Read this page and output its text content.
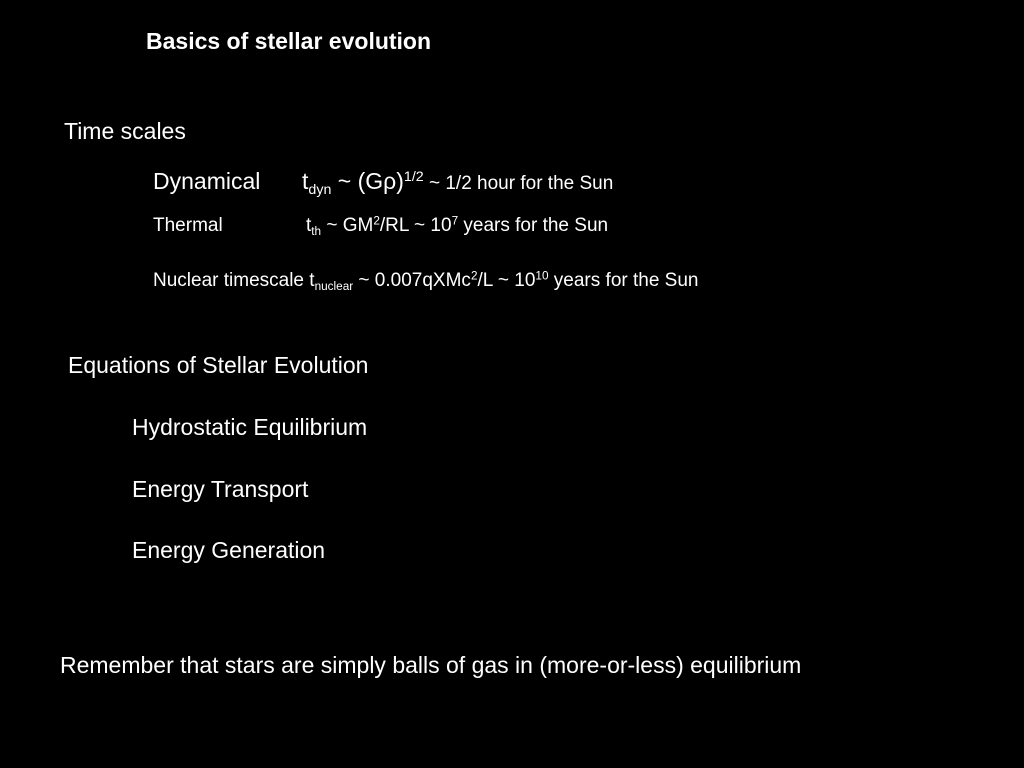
Basics of stellar evolution
Time scales
Dynamical $t_{dyn}$ ~ $(G\rho)^{1/2}$ ~ 1/2 hour for the Sun
Thermal	$t_{th}$ ~ $GM^2/RL$ ~ $10^7$ years for the Sun
Nuclear timescale $t_{nuclear}$ ~ 0.007qXMc$^2$/L ~ $10^{10}$ years for the Sun
Equations of Stellar Evolution
Hydrostatic Equilibrium
Energy Transport
Energy Generation
Remember that stars are simply balls of gas in (more-or-less) equilibrium
